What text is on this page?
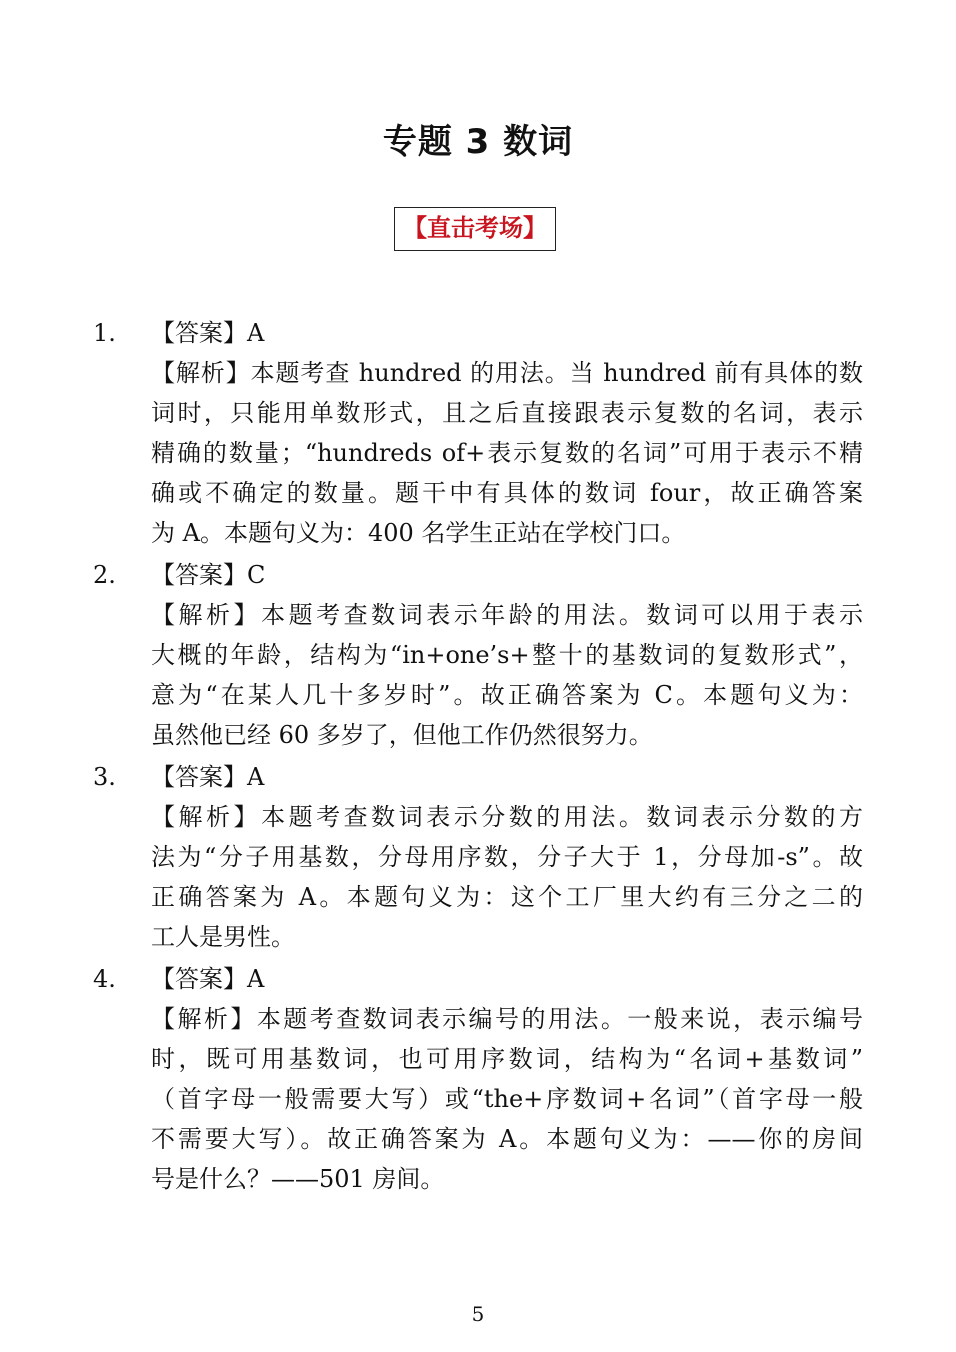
专题 3 数词
【直击考场】
1. 【答案】A
【解析】本题考查 hundred 的用法。当 hundred 前有具体的数
词时，只能用单数形式，且之后直接跟表示复数的名词，表示
精确的数量；“hundreds of+表示复数的名词”可用于表示不精
确或不确定的数量。题干中有具体的数词 four，故正确答案
为 A。本题句义为：400 名学生正站在学校门口。
2. 【答案】C
【解析】本题考查数词表示年龄的用法。数词可以用于表示
大概的年龄，结构为“in+one’s+整十的基数词的复数形式”，
意为“在某人几十多岁时”。故正确答案为 C。本题句义为：
虽然他已经 60 多岁了，但他工作仍然很努力。
3. 【答案】A
【解析】本题考查数词表示分数的用法。数词表示分数的方
法为“分子用基数，分母用序数，分子大于 1，分母加-s”。故
正确答案为 A。本题句义为：这个工厂里大约有三分之二的
工人是男性。
4. 【答案】A
【解析】本题考查数词表示编号的用法。一般来说，表示编号
时，既可用基数词，也可用序数词，结构为“名词+基数词”
（首字母一般需要大写）或“the+序数词+名词”（首字母一般
不需要大写）。故正确答案为 A。本题句义为：——你的房间
号是什么？——501 房间。
5
